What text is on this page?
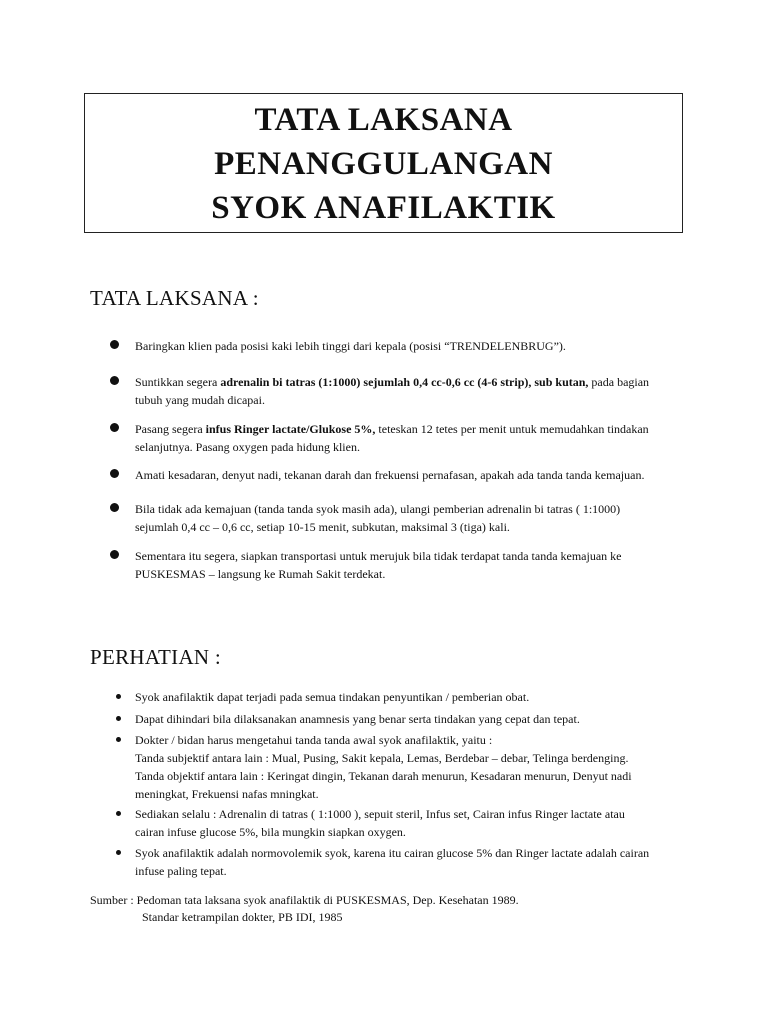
TATA LAKSANA
PENANGGULANGAN
SYOK ANAFILAKTIK
TATA LAKSANA :
Baringkan klien pada posisi kaki lebih tinggi dari kepala (posisi “TRENDELENBRUG”).
Suntikkan segera adrenalin bi tatras (1:1000) sejumlah 0,4 cc-0,6 cc (4-6 strip), sub kutan, pada bagian
tubuh yang mudah dicapai.
Pasang segera infus Ringer lactate/Glukose 5%, teteskan 12 tetes per menit untuk memudahkan tindakan
selanjutnya. Pasang oxygen pada hidung klien.
Amati kesadaran, denyut nadi, tekanan darah dan frekuensi pernafasan, apakah ada tanda tanda kemajuan.
Bila tidak ada kemajuan (tanda tanda syok masih ada), ulangi pemberian adrenalin bi tatras ( 1:1000)
sejumlah 0,4 cc – 0,6 cc, setiap 10-15 menit, subkutan, maksimal 3 (tiga) kali.
Sementara itu segera, siapkan transportasi untuk merujuk bila tidak terdapat tanda tanda kemajuan ke
PUSKESMAS – langsung ke Rumah Sakit terdekat.
PERHATIAN :
Syok anafilaktik dapat terjadi pada semua tindakan penyuntikan / pemberian obat.
Dapat dihindari bila dilaksanakan anamnesis yang benar serta tindakan yang cepat dan tepat.
Dokter / bidan harus mengetahui tanda tanda awal syok anafilaktik, yaitu :
Tanda subjektif antara lain : Mual, Pusing, Sakit kepala, Lemas, Berdebar – debar, Telinga berdenging.
Tanda objektif antara lain : Keringat dingin, Tekanan darah menurun, Kesadaran menurun, Denyut nadi
meningkat, Frekuensi nafas mningkat.
Sediakan selalu : Adrenalin di tatras ( 1:1000 ), sepuit steril, Infus set, Cairan infus Ringer lactate atau
cairan infuse glucose 5%, bila mungkin siapkan oxygen.
Syok anafilaktik adalah normovolemik syok, karena itu cairan glucose 5% dan Ringer lactate adalah cairan
infuse paling tepat.
Sumber : Pedoman tata laksana syok anafilaktik di PUSKESMAS, Dep. Kesehatan 1989.
Standar ketrampilan dokter, PB IDI, 1985
